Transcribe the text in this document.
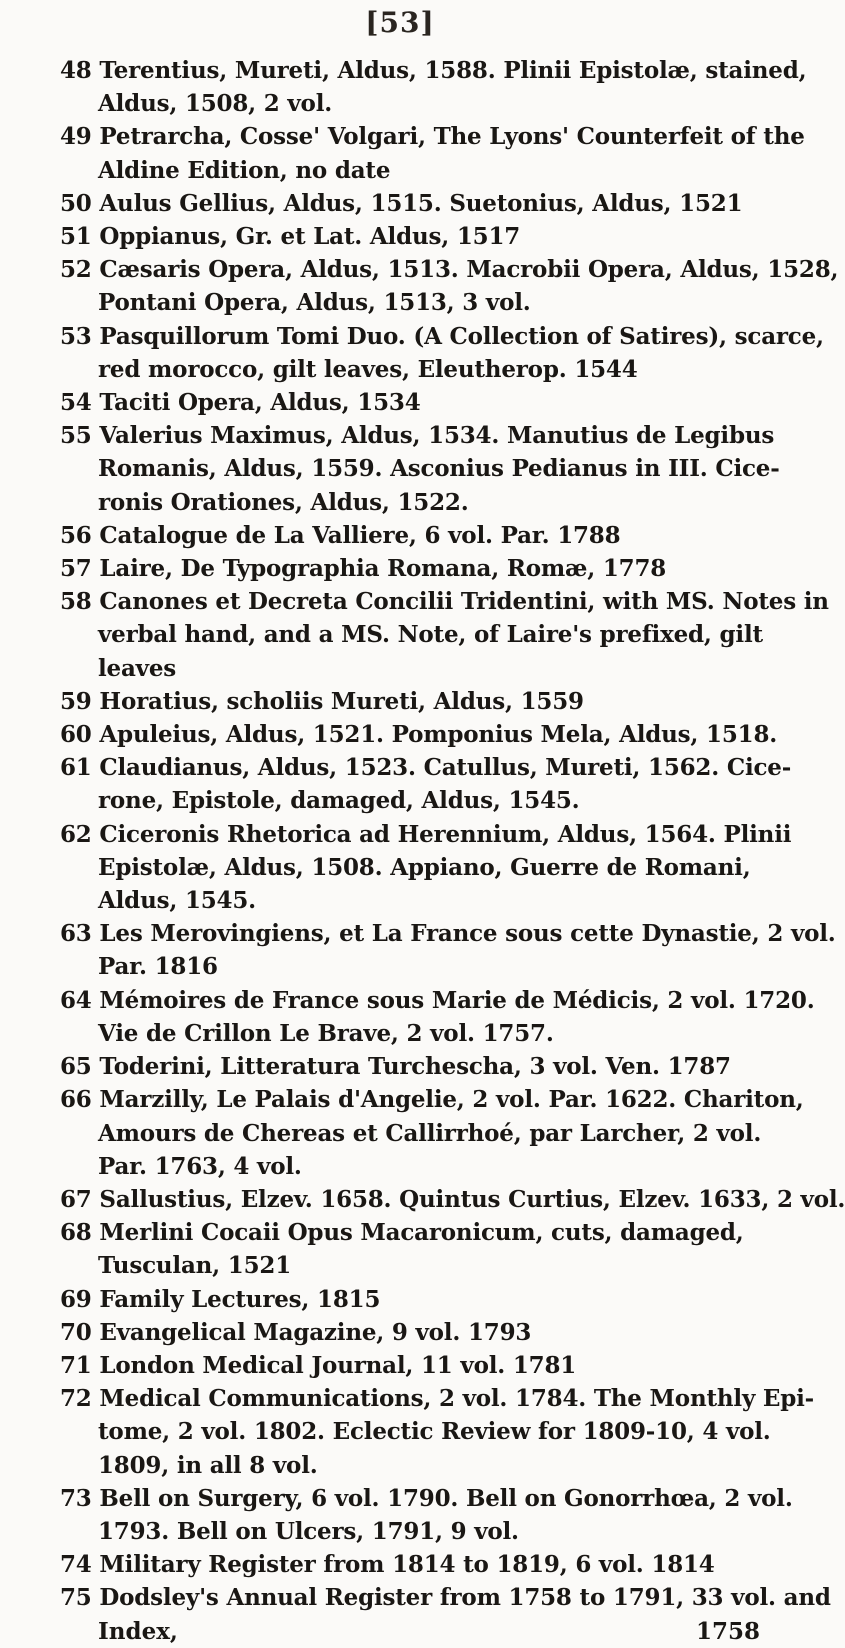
[53]
48 Terentius, Mureti, Aldus, 1588. Plinii Epistolæ, stained,
Aldus, 1508, 2 vol.
49 Petrarcha, Cosse' Volgari, The Lyons' Counterfeit of the
Aldine Edition, no date
50 Aulus Gellius, Aldus, 1515. Suetonius, Aldus, 1521
51 Oppianus, Gr. et Lat. Aldus, 1517
52 Cæsaris Opera, Aldus, 1513. Macrobii Opera, Aldus, 1528,
Pontani Opera, Aldus, 1513, 3 vol.
53 Pasquillorum Tomi Duo. (A Collection of Satires), scarce,
red morocco, gilt leaves, Eleutherop. 1544
54 Taciti Opera, Aldus, 1534
55 Valerius Maximus, Aldus, 1534. Manutius de Legibus
Romanis, Aldus, 1559. Asconius Pedianus in III. Cice-
ronis Orationes, Aldus, 1522.
56 Catalogue de La Valliere, 6 vol. Par. 1788
57 Laire, De Typographia Romana, Romæ, 1778
58 Canones et Decreta Concilii Tridentini, with MS. Notes in
verbal hand, and a MS. Note, of Laire's prefixed, gilt
leaves
59 Horatius, scholiis Mureti, Aldus, 1559
60 Apuleius, Aldus, 1521. Pomponius Mela, Aldus, 1518.
61 Claudianus, Aldus, 1523. Catullus, Mureti, 1562. Cice-
rone, Epistole, damaged, Aldus, 1545.
62 Ciceronis Rhetorica ad Herennium, Aldus, 1564. Plinii
Epistolæ, Aldus, 1508. Appiano, Guerre de Romani,
Aldus, 1545.
63 Les Merovingiens, et La France sous cette Dynastie, 2 vol.
Par. 1816
64 Mémoires de France sous Marie de Médicis, 2 vol. 1720.
Vie de Crillon Le Brave, 2 vol. 1757.
65 Toderini, Litteratura Turchescha, 3 vol. Ven. 1787
66 Marzilly, Le Palais d'Angelie, 2 vol. Par. 1622. Chariton,
Amours de Chereas et Callirrhoé, par Larcher, 2 vol.
Par. 1763, 4 vol.
67 Sallustius, Elzev. 1658. Quintus Curtius, Elzev. 1633, 2 vol.
68 Merlini Cocaii Opus Macaronicum, cuts, damaged,
Tusculan, 1521
69 Family Lectures, 1815
70 Evangelical Magazine, 9 vol. 1793
71 London Medical Journal, 11 vol. 1781
72 Medical Communications, 2 vol. 1784. The Monthly Epi-
tome, 2 vol. 1802. Eclectic Review for 1809-10, 4 vol.
1809, in all 8 vol.
73 Bell on Surgery, 6 vol. 1790. Bell on Gonorrhœa, 2 vol.
1793. Bell on Ulcers, 1791, 9 vol.
74 Military Register from 1814 to 1819, 6 vol. 1814
75 Dodsley's Annual Register from 1758 to 1791, 33 vol. and
Index,	1758
